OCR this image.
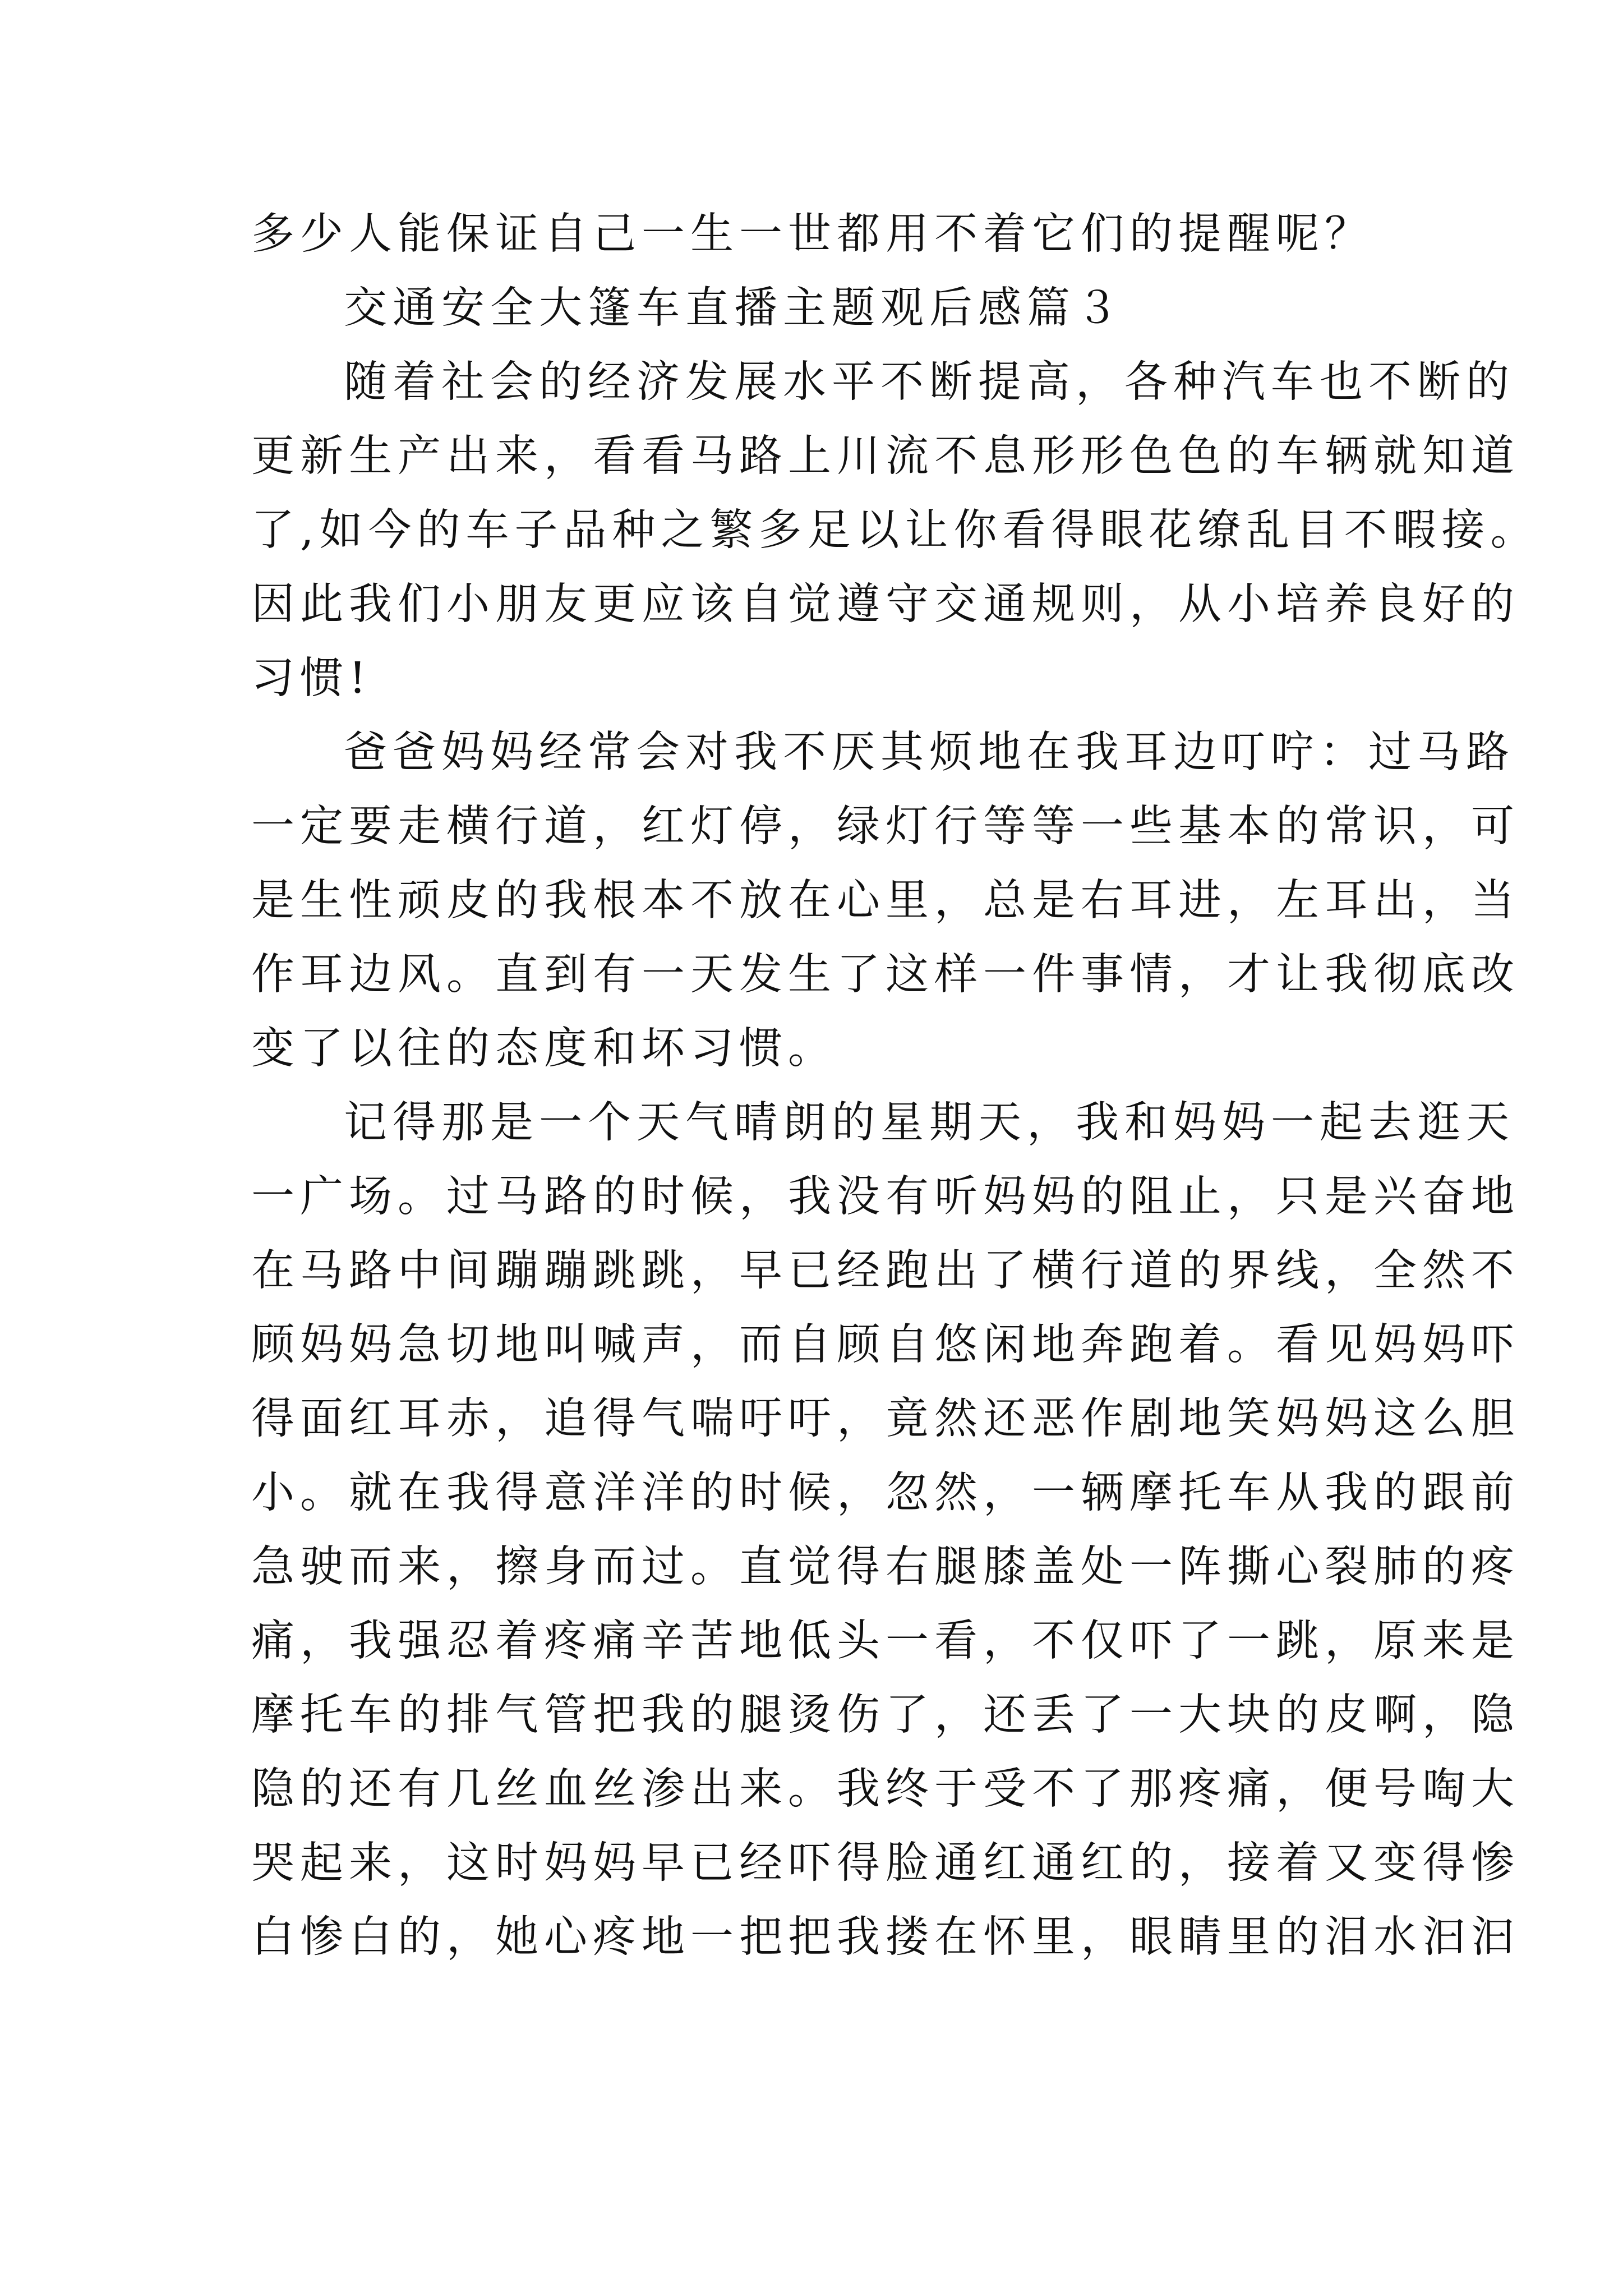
多少人能保证自己一生一世都用不着它们的提醒呢？
交通安全大篷车直播主题观后感篇３
随着社会的经济发展水平不断提高，各种汽车也不断的
更新生产出来，看看马路上川流不息形形色色的车辆就知道
了,如今的车子品种之繁多足以让你看得眼花缭乱目不暇接。
因此我们小朋友更应该自觉遵守交通规则，从小培养良好的
习惯!
爸爸妈妈经常会对我不厌其烦地在我耳边叮咛：过马路
一定要走横行道，红灯停，绿灯行等等一些基本的常识，可
是生性顽皮的我根本不放在心里，总是右耳进，左耳出，当
作耳边风。直到有一天发生了这样一件事情，才让我彻底改
变了以往的态度和坏习惯。
记得那是一个天气晴朗的星期天，我和妈妈一起去逛天
一广场。过马路的时候，我没有听妈妈的阻止，只是兴奋地
在马路中间蹦蹦跳跳，早已经跑出了横行道的界线，全然不
顾妈妈急切地叫喊声，而自顾自悠闲地奔跑着。看见妈妈吓
得面红耳赤，追得气喘吁吁，竟然还恶作剧地笑妈妈这么胆
小。就在我得意洋洋的时候，忽然，一辆摩托车从我的跟前
急驶而来，擦身而过。直觉得右腿膝盖处一阵撕心裂肺的疼
痛，我强忍着疼痛辛苦地低头一看，不仅吓了一跳，原来是
摩托车的排气管把我的腿烫伤了，还丢了一大块的皮啊，隐
隐的还有几丝血丝渗出来。我终于受不了那疼痛，便号啕大
哭起来，这时妈妈早已经吓得脸通红通红的，接着又变得惨
白惨白的，她心疼地一把把我搂在怀里，眼睛里的泪水汩汩
